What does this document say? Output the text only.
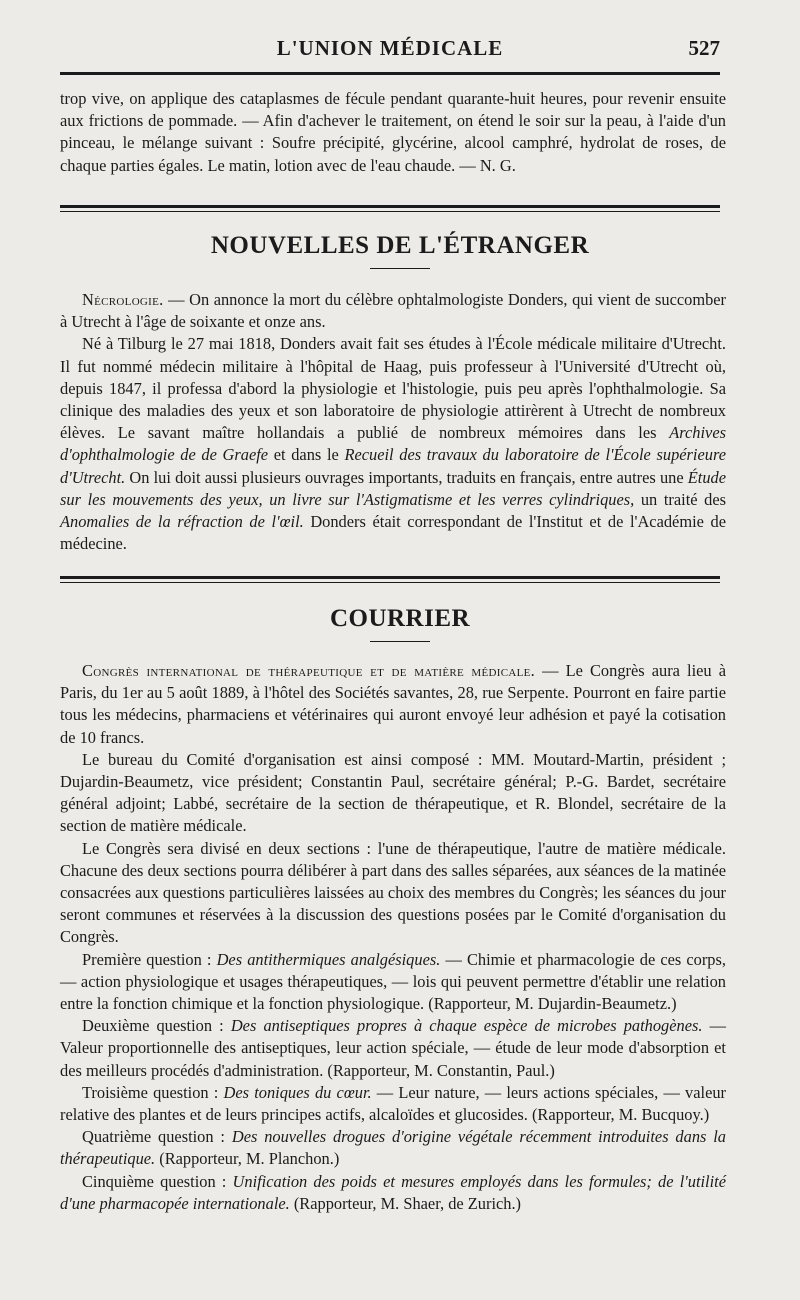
L'UNION MÉDICALE	527

trop vive, on applique des cataplasmes de fécule pendant quarante-huit heures, pour revenir ensuite aux frictions de pommade. — Afin d'achever le traitement, on étend le soir sur la peau, à l'aide d'un pinceau, le mélange suivant : Soufre précipité, glycérine, alcool camphré, hydrolat de roses, de chaque parties égales. Le matin, lotion avec de l'eau chaude. — N. G.

NOUVELLES DE L'ÉTRANGER

Nécrologie. — On annonce la mort du célèbre ophtalmologiste Donders, qui vient de succomber à Utrecht à l'âge de soixante et onze ans.

Né à Tilburg le 27 mai 1818, Donders avait fait ses études à l'École médicale militaire d'Utrecht. Il fut nommé médecin militaire à l'hôpital de Haag, puis professeur à l'Université d'Utrecht où, depuis 1847, il professa d'abord la physiologie et l'histologie, puis peu après l'ophthalmologie. Sa clinique des maladies des yeux et son laboratoire de physiologie attirèrent à Utrecht de nombreux élèves. Le savant maître hollandais a publié de nombreux mémoires dans les Archives d'ophthalmologie de de Graefe et dans le Recueil des travaux du laboratoire de l'École supérieure d'Utrecht. On lui doit aussi plusieurs ouvrages importants, traduits en français, entre autres une Étude sur les mouvements des yeux, un livre sur l'Astigmatisme et les verres cylindriques, un traité des Anomalies de la réfraction de l'œil. Donders était correspondant de l'Institut et de l'Académie de médecine.

COURRIER

Congrès international de thérapeutique et de matière médicale. — Le Congrès aura lieu à Paris, du 1er au 5 août 1889, à l'hôtel des Sociétés savantes, 28, rue Serpente. Pourront en faire partie tous les médecins, pharmaciens et vétérinaires qui auront envoyé leur adhésion et payé la cotisation de 10 francs.

Le bureau du Comité d'organisation est ainsi composé : MM. Moutard-Martin, président ; Dujardin-Beaumetz, vice président; Constantin Paul, secrétaire général; P.-G. Bardet, secrétaire général adjoint; Labbé, secrétaire de la section de thérapeutique, et R. Blondel, secrétaire de la section de matière médicale.

Le Congrès sera divisé en deux sections : l'une de thérapeutique, l'autre de matière médicale. Chacune des deux sections pourra délibérer à part dans des salles séparées, aux séances de la matinée consacrées aux questions particulières laissées au choix des membres du Congrès; les séances du jour seront communes et réservées à la discussion des questions posées par le Comité d'organisation du Congrès.

Première question : Des antithermiques analgésiques. — Chimie et pharmacologie de ces corps, — action physiologique et usages thérapeutiques, — lois qui peuvent permettre d'établir une relation entre la fonction chimique et la fonction physiologique. (Rapporteur, M. Dujardin-Beaumetz.)

Deuxième question : Des antiseptiques propres à chaque espèce de microbes pathogènes. — Valeur proportionnelle des antiseptiques, leur action spéciale, — étude de leur mode d'absorption et des meilleurs procédés d'administration. (Rapporteur, M. Constantin, Paul.)

Troisième question : Des toniques du cœur. — Leur nature, — leurs actions spéciales, — valeur relative des plantes et de leurs principes actifs, alcaloïdes et glucosides. (Rapporteur, M. Bucquoy.)

Quatrième question : Des nouvelles drogues d'origine végétale récemment introduites dans la thérapeutique. (Rapporteur, M. Planchon.)

Cinquième question : Unification des poids et mesures employés dans les formules; de l'utilité d'une pharmacopée internationale. (Rapporteur, M. Shaer, de Zurich.)
